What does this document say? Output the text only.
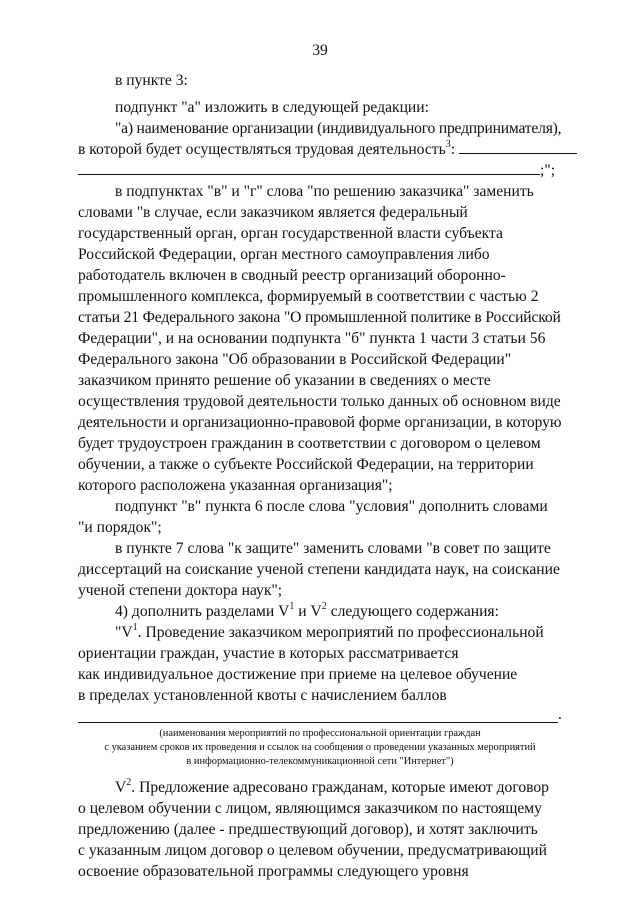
39
в пункте 3:
подпункт "а" изложить в следующей редакции:
"а) наименование организации (индивидуального предпринимателя),
в которой будет осуществляться трудовая деятельность$^3$:
;";
в подпунктах "в" и "г" слова "по решению заказчика" заменить
словами "в случае, если заказчиком является федеральный
государственный орган, орган государственной власти субъекта
Российской Федерации, орган местного самоуправления либо
работодатель включен в сводный реестр организаций оборонно-
промышленного комплекса, формируемый в соответствии с частью 2
статьи 21 Федерального закона "О промышленной политике в Российской
Федерации", и на основании подпункта "б" пункта 1 части 3 статьи 56
Федерального закона "Об образовании в Российской Федерации"
заказчиком принято решение об указании в сведениях о месте
осуществления трудовой деятельности только данных об основном виде
деятельности и организационно-правовой форме организации, в которую
будет трудоустроен гражданин в соответствии с договором о целевом
обучении, а также о субъекте Российской Федерации, на территории
которого расположена указанная организация";
подпункт "в" пункта 6 после слова "условия" дополнить словами
"и порядок";
в пункте 7 слова "к защите" заменить словами "в совет по защите
диссертаций на соискание ученой степени кандидата наук, на соискание
ученой степени доктора наук";
4) дополнить разделами $V^1$ и $V^2$ следующего содержания:
"$V^1$. Проведение заказчиком мероприятий по профессиональной
ориентации граждан, участие в которых рассматривается
как индивидуальное достижение при приеме на целевое обучение
в пределах установленной квоты с начислением баллов
.
(наименования мероприятий по профессиональной ориентации граждан
с указанием сроков их проведения и ссылок на сообщения о проведении указанных мероприятий
в информационно-телекоммуникационной сети "Интернет")
$V^2$. Предложение адресовано гражданам, которые имеют договор
о целевом обучении с лицом, являющимся заказчиком по настоящему
предложению (далее - предшествующий договор), и хотят заключить
с указанным лицом договор о целевом обучении, предусматривающий
освоение образовательной программы следующего уровня
